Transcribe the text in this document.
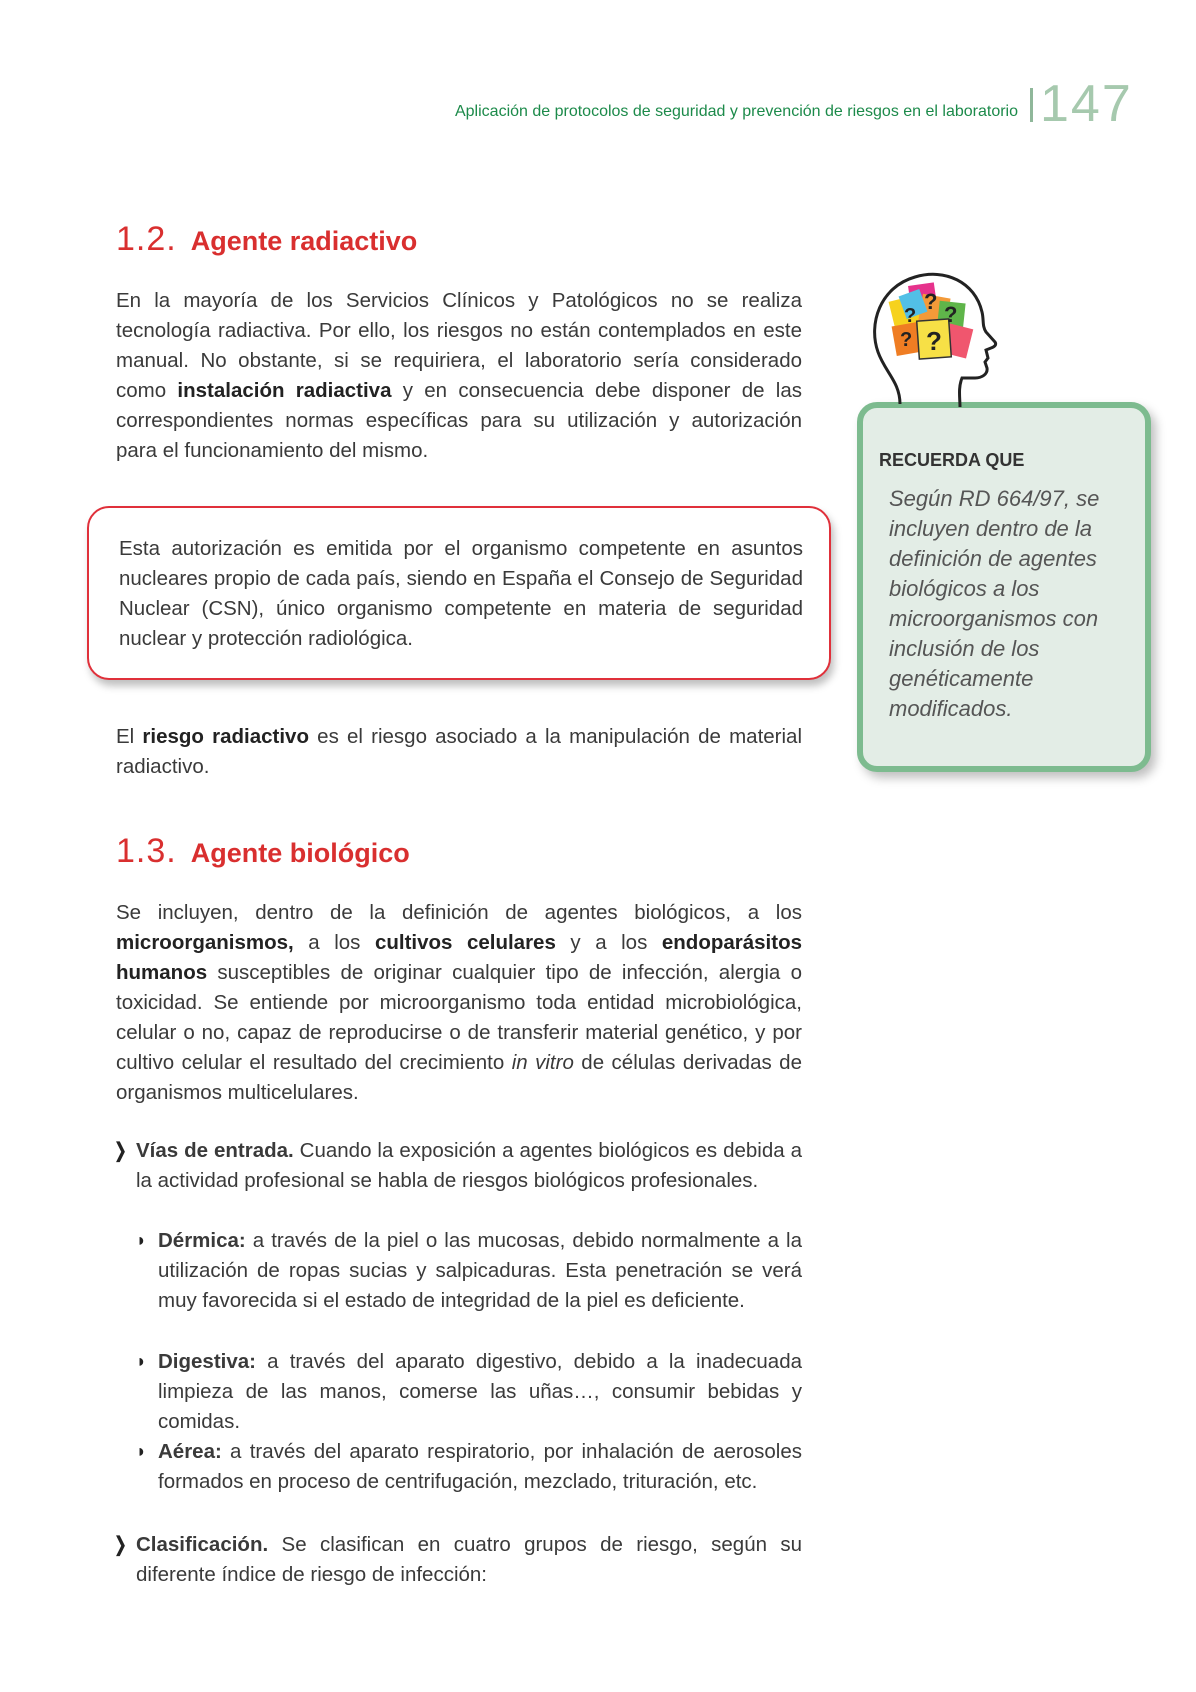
Aplicación de protocolos de seguridad y prevención de riesgos en el laboratorio 147
1.2. Agente radiactivo

En la mayoría de los Servicios Clínicos y Patológicos no se realiza tecnología radiactiva. Por ello, los riesgos no están contemplados en este manual. No obstante, si se requiriera, el laboratorio sería considerado como instalación radiactiva y en consecuencia debe disponer de las correspondientes normas específicas para su utilización y autorización para el funcionamiento del mismo.

Esta autorización es emitida por el organismo competente en asuntos nucleares propio de cada país, siendo en España el Consejo de Seguridad Nuclear (CSN), único organismo competente en materia de seguridad nuclear y protección radiológica.

El riesgo radiactivo es el riesgo asociado a la manipulación de material radiactivo.

RECUERDA QUE
Según RD 664/97, se incluyen dentro de la definición de agentes biológicos a los microorganismos con inclusión de los genéticamente modificados.
?
? ?
? ?
1.3. Agente biológico

Se incluyen, dentro de la definición de agentes biológicos, a los microorganismos, a los cultivos celulares y a los endoparásitos humanos susceptibles de originar cualquier tipo de infección, alergia o toxicidad. Se entiende por microorganismo toda entidad microbiológica, celular o no, capaz de reproducirse o de transferir material genético, y por cultivo celular el resultado del crecimiento in vitro de células derivadas de organismos multicelulares.

❭ Vías de entrada. Cuando la exposición a agentes biológicos es debida a la actividad profesional se habla de riesgos biológicos profesionales.

◗ Dérmica: a través de la piel o las mucosas, debido normalmente a la utilización de ropas sucias y salpicaduras. Esta penetración se verá muy favorecida si el estado de integridad de la piel es deficiente.

◗ Digestiva: a través del aparato digestivo, debido a la inadecuada limpieza de las manos, comerse las uñas…, consumir bebidas y comidas.

◗ Aérea: a través del aparato respiratorio, por inhalación de aerosoles formados en proceso de centrifugación, mezclado, trituración, etc.

❭ Clasificación. Se clasifican en cuatro grupos de riesgo, según su diferente índice de riesgo de infección:
